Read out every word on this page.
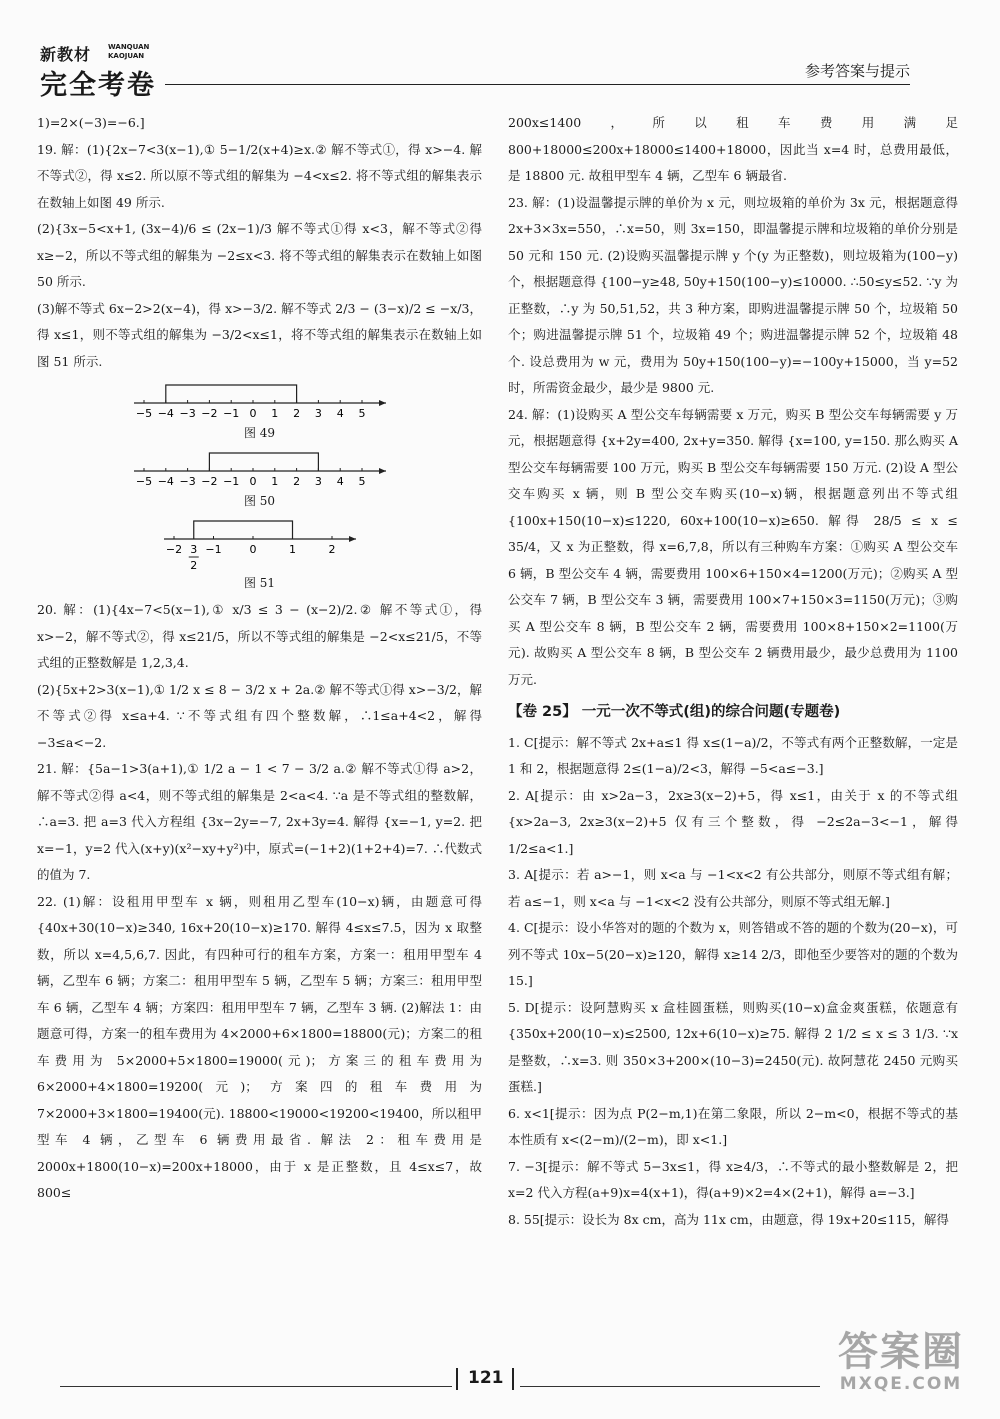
新教材	WANQUAN
KAOJUAN
完全考卷	参考答案与提示

1)=2×(−3)=−6.]

19. 解：(1){2x−7<3(x−1),① 5−1/2(x+4)≥x.② 解不等式①，得 x>−4. 解不等式②，得 x≤2. 所以原不等式组的解集为 −4<x≤2. 将不等式组的解集表示在数轴上如图 49 所示.

(2){3x−5<x+1, (3x−4)/6 ≤ (2x−1)/3 解不等式①得 x<3，解不等式②得 x≥−2，所以不等式组的解集为 −2≤x<3. 将不等式组的解集表示在数轴上如图 50 所示.

(3)解不等式 6x−2>2(x−4)，得 x>−3/2. 解不等式 2/3 − (3−x)/2 ≤ −x/3，得 x≤1，则不等式组的解集为 −3/2<x≤1，将不等式组的解集表示在数轴上如图 51 所示.

−5 −4 −3 −2 −1 0 1 2 3 4 5
图 49
−5 −4 −3 −2 −1 0 1 2 3 4 5
图 50
−2 −1	0	1	2
3
2
图 51

20. 解：(1){4x−7<5(x−1),① x/3 ≤ 3 − (x−2)/2.② 解不等式①，得 x>−2，解不等式②，得 x≤21/5，所以不等式组的解集是 −2<x≤21/5，不等式组的正整数解是 1,2,3,4.

(2){5x+2>3(x−1),① 1/2 x ≤ 8 − 3/2 x + 2a.② 解不等式①得 x>−3/2，解不等式②得 x≤a+4. ∵不等式组有四个整数解，∴1≤a+4<2，解得 −3≤a<−2.

21. 解：{5a−1>3(a+1),① 1/2 a − 1 < 7 − 3/2 a.② 解不等式①得 a>2，解不等式②得 a<4，则不等式组的解集是 2<a<4. ∵a 是不等式组的整数解，∴a=3. 把 a=3 代入方程组 {3x−2y=−7, 2x+3y=4. 解得 {x=−1, y=2. 把 x=−1，y=2 代入(x+y)(x²−xy+y²)中，原式=(−1+2)(1+2+4)=7. ∴代数式的值为 7.

22. (1)解：设租用甲型车 x 辆，则租用乙型车(10−x)辆，由题意可得 {40x+30(10−x)≥340, 16x+20(10−x)≥170. 解得 4≤x≤7.5，因为 x 取整数，所以 x=4,5,6,7. 因此，有四种可行的租车方案，方案一：租用甲型车 4 辆，乙型车 6 辆；方案二：租用甲型车 5 辆，乙型车 5 辆；方案三：租用甲型车 6 辆，乙型车 4 辆；方案四：租用甲型车 7 辆，乙型车 3 辆. (2)解法 1：由题意可得，方案一的租车费用为 4×2000+6×1800=18800(元)；方案二的租车费用为 5×2000+5×1800=19000(元)；方案三的租车费用为 6×2000+4×1800=19200(元)；方案四的租车费用为 7×2000+3×1800=19400(元). 18800<19000<19200<19400，所以租甲型车 4 辆，乙型车 6 辆费用最省. 解法 2：租车费用是 2000x+1800(10−x)=200x+18000，由于 x 是正整数，且 4≤x≤7，故 800≤

200x≤1400，所以租车费用满足 800+18000≤200x+18000≤1400+18000，因此当 x=4 时，总费用最低，是 18800 元. 故租甲型车 4 辆，乙型车 6 辆最省.

23. 解：(1)设温馨提示牌的单价为 x 元，则垃圾箱的单价为 3x 元，根据题意得 2x+3×3x=550，∴x=50，则 3x=150，即温馨提示牌和垃圾箱的单价分别是 50 元和 150 元. (2)设购买温馨提示牌 y 个(y 为正整数)，则垃圾箱为(100−y)个，根据题意得 {100−y≥48, 50y+150(100−y)≤10000. ∴50≤y≤52. ∵y 为正整数，∴y 为 50,51,52，共 3 种方案，即购进温馨提示牌 50 个，垃圾箱 50 个；购进温馨提示牌 51 个，垃圾箱 49 个；购进温馨提示牌 52 个，垃圾箱 48 个. 设总费用为 w 元，费用为 50y+150(100−y)=−100y+15000，当 y=52 时，所需资金最少，最少是 9800 元.

24. 解：(1)设购买 A 型公交车每辆需要 x 万元，购买 B 型公交车每辆需要 y 万元，根据题意得 {x+2y=400, 2x+y=350. 解得 {x=100, y=150. 那么购买 A 型公交车每辆需要 100 万元，购买 B 型公交车每辆需要 150 万元. (2)设 A 型公交车购买 x 辆，则 B 型公交车购买(10−x)辆，根据题意列出不等式组 {100x+150(10−x)≤1220, 60x+100(10−x)≥650. 解得 28/5 ≤ x ≤ 35/4，又 x 为正整数，得 x=6,7,8，所以有三种购车方案：①购买 A 型公交车 6 辆，B 型公交车 4 辆，需要费用 100×6+150×4=1200(万元)；②购买 A 型公交车 7 辆，B 型公交车 3 辆，需要费用 100×7+150×3=1150(万元)；③购买 A 型公交车 8 辆，B 型公交车 2 辆，需要费用 100×8+150×2=1100(万元). 故购买 A 型公交车 8 辆，B 型公交车 2 辆费用最少，最少总费用为 1100 万元.

【卷 25】 一元一次不等式(组)的综合问题(专题卷)

1. C[提示：解不等式 2x+a≤1 得 x≤(1−a)/2，不等式有两个正整数解，一定是 1 和 2，根据题意得 2≤(1−a)/2<3，解得 −5<a≤−3.]

2. A[提示：由 x>2a−3，2x≥3(x−2)+5，得 x≤1，由关于 x 的不等式组 {x>2a−3, 2x≥3(x−2)+5 仅有三个整数，得 −2≤2a−3<−1，解得 1/2≤a<1.]

3. A[提示：若 a>−1，则 x<a 与 −1<x<2 有公共部分，则原不等式组有解；若 a≤−1，则 x<a 与 −1<x<2 没有公共部分，则原不等式组无解.]

4. C[提示：设小华答对的题的个数为 x，则答错或不答的题的个数为(20−x)，可列不等式 10x−5(20−x)≥120，解得 x≥14 2/3，即他至少要答对的题的个数为 15.]

5. D[提示：设阿慧购买 x 盒桂圆蛋糕，则购买(10−x)盒金爽蛋糕，依题意有 {350x+200(10−x)≤2500, 12x+6(10−x)≥75. 解得 2 1/2 ≤ x ≤ 3 1/3. ∵x 是整数，∴x=3. 则 350×3+200×(10−3)=2450(元). 故阿慧花 2450 元购买蛋糕.]

6. x<1[提示：因为点 P(2−m,1)在第二象限，所以 2−m<0，根据不等式的基本性质有 x<(2−m)/(2−m)，即 x<1.]

7. −3[提示：解不等式 5−3x≤1，得 x≥4/3，∴不等式的最小整数解是 2，把 x=2 代入方程(a+9)x=4(x+1)，得(a+9)×2=4×(2+1)，解得 a=−3.]

8. 55[提示：设长为 8x cm，高为 11x cm，由题意，得 19x+20≤115，解得

121
答案圈
MXQE.COM
